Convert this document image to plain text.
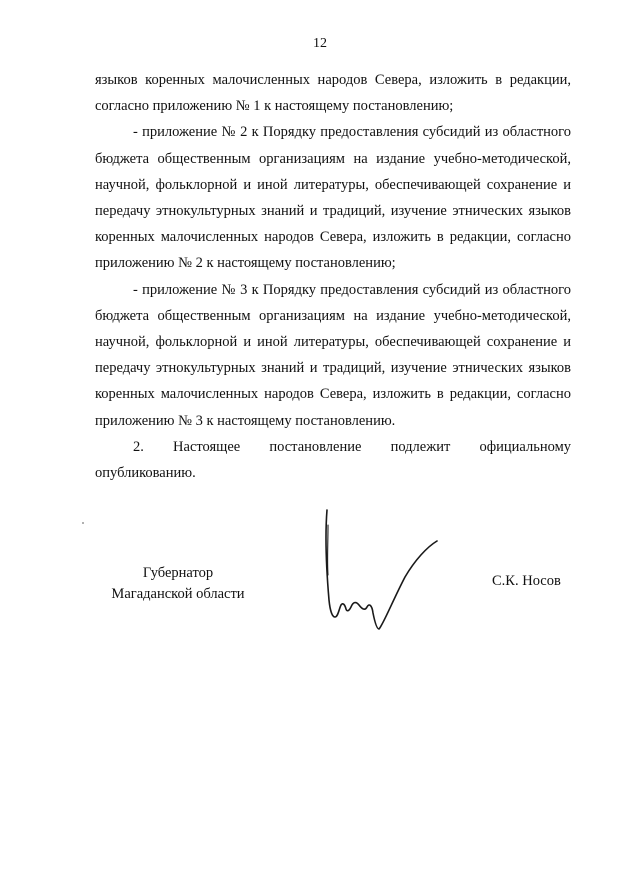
12

языков коренных малочисленных народов Севера, изложить в редакции, согласно приложению № 1 к настоящему постановлению;

- приложение № 2 к Порядку предоставления субсидий из областного бюджета общественным организациям на издание учебно-методической, научной, фольклорной и иной литературы, обеспечивающей сохранение и передачу этнокультурных знаний и традиций, изучение этнических языков коренных малочисленных народов Севера, изложить в редакции, согласно приложению № 2 к настоящему постановлению;

- приложение № 3 к Порядку предоставления субсидий из областного бюджета общественным организациям на издание учебно-методической, научной, фольклорной и иной литературы, обеспечивающей сохранение и передачу этнокультурных знаний и традиций, изучение этнических языков коренных малочисленных народов Севера, изложить в редакции, согласно приложению № 3 к настоящему постановлению.

2. Настоящее постановление подлежит официальному

опубликованию.

Губернатор
Магаданской области
С.К. Носов
